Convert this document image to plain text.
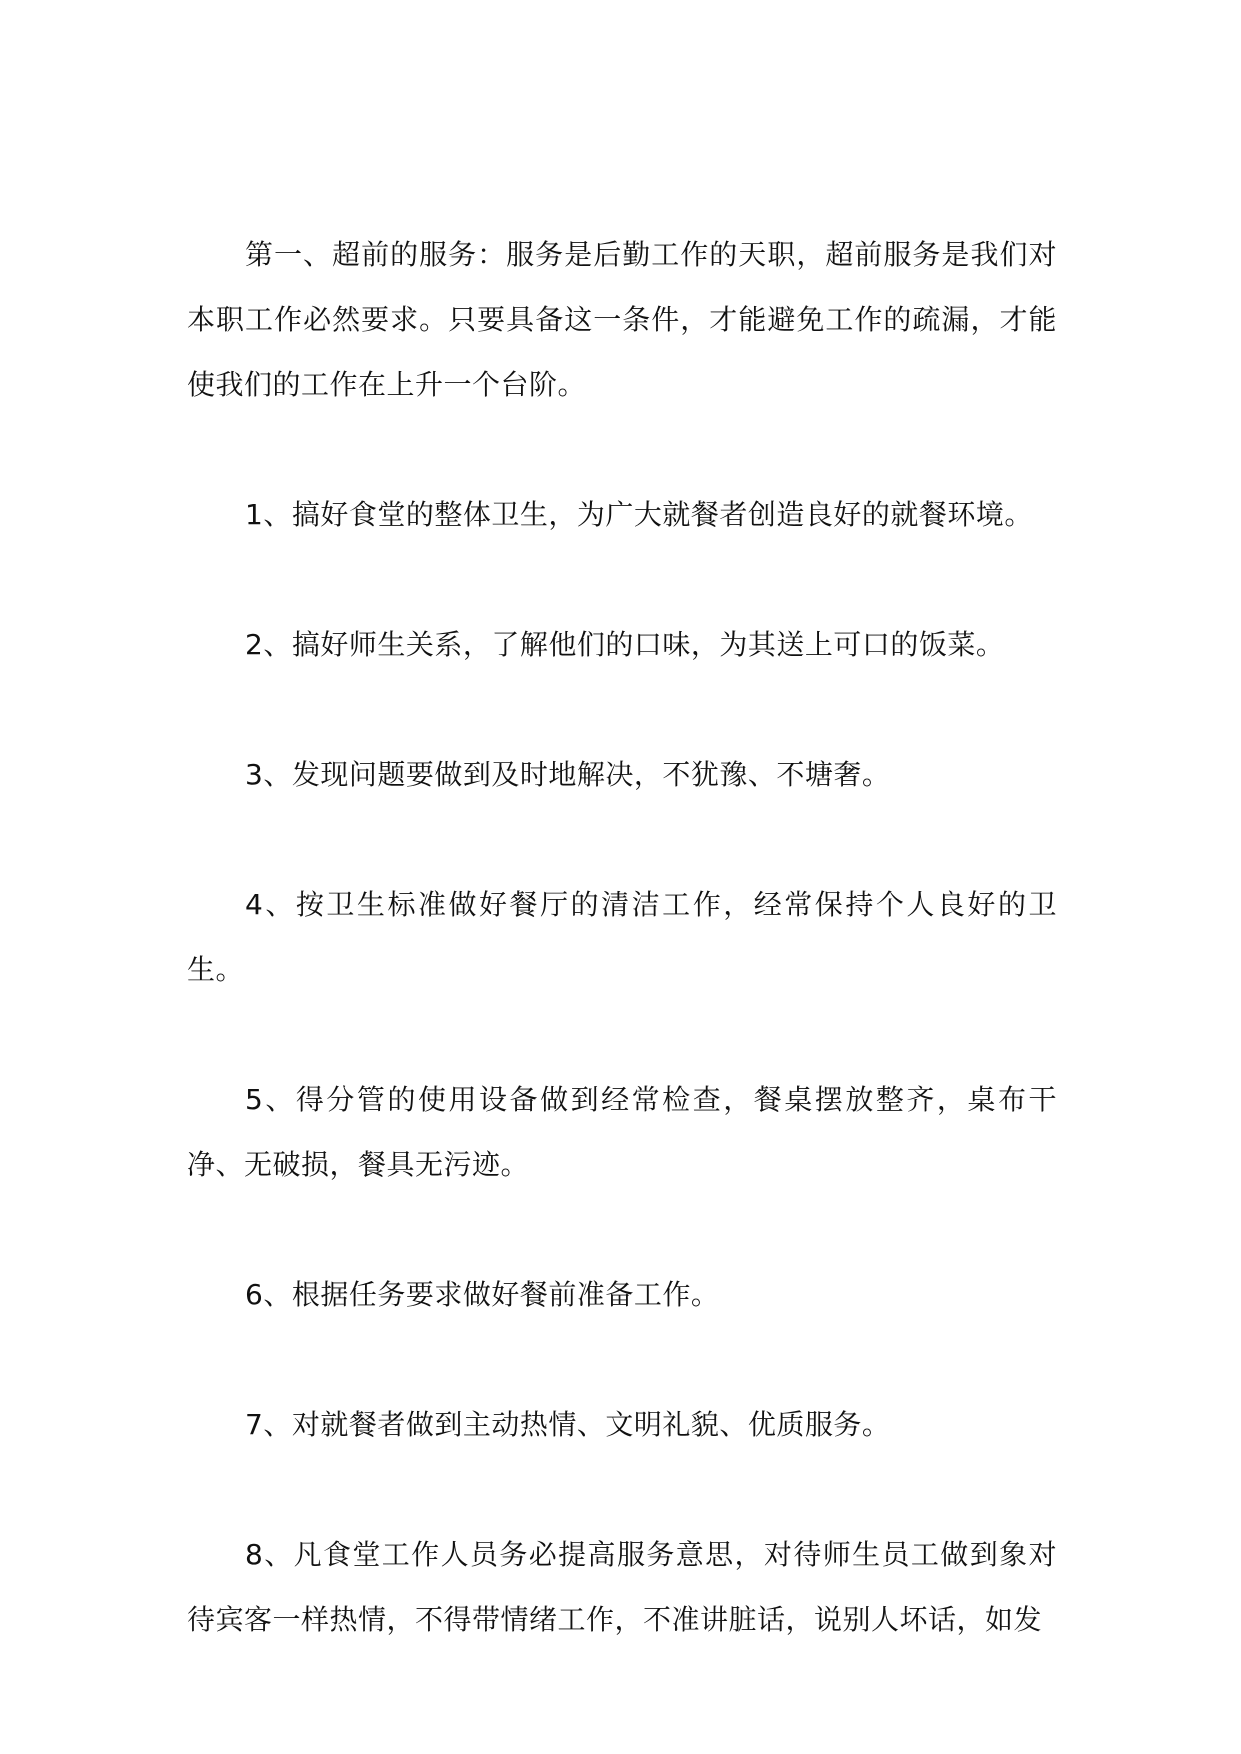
第一、超前的服务：服务是后勤工作的天职，超前服务是我们对本职工作必然要求。只要具备这一条件，才能避免工作的疏漏，才能使我们的工作在上升一个台阶。

1、搞好食堂的整体卫生，为广大就餐者创造良好的就餐环境。

2、搞好师生关系，了解他们的口味，为其送上可口的饭菜。

3、发现问题要做到及时地解决，不犹豫、不塘奢。

4、按卫生标准做好餐厅的清洁工作，经常保持个人良好的卫生。

5、得分管的使用设备做到经常检查，餐桌摆放整齐，桌布干净、无破损，餐具无污迹。

6、根据任务要求做好餐前准备工作。

7、对就餐者做到主动热情、文明礼貌、优质服务。

8、凡食堂工作人员务必提高服务意思，对待师生员工做到象对待宾客一样热情，不得带情绪工作，不准讲脏话，说别人坏话，如发
